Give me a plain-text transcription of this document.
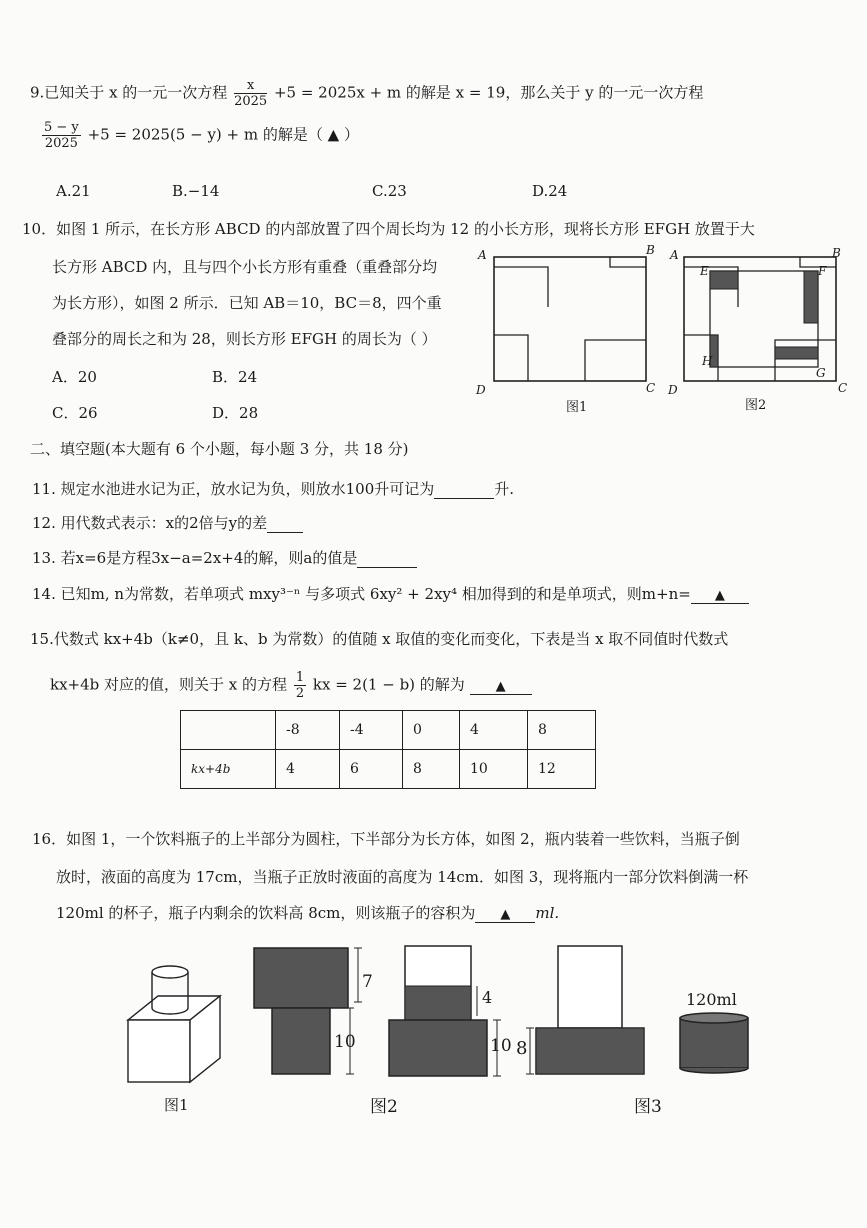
9.已知关于 x 的一元一次方程 $\frac{x}{2025} +5 = 2025x + m$ 的解是 x = 19，那么关于 y 的一元一次方程
$\frac{5 - y}{2025} +5 = 2025(5 - y) + m$ 的解是（ ▲ ）
A.21	B.−14	C.23	D.24
10．如图 1 所示，在长方形 ABCD 的内部放置了四个周长均为 12 的小长方形，现将长方形 EFGH 放置于大
长方形 ABCD 内，且与四个小长方形有重叠（重叠部分均
为长方形），如图 2 所示．已知 AB＝10，BC＝8，四个重
叠部分的周长之和为 28，则长方形 EFGH 的周长为（ ）
A．20	B．24
C．26	D．28
A	B
D	C
图1
A	B
E	F
H
G
D	C
图2
二、填空题(本大题有 6 个小题，每小题 3 分，共 18 分)
11. 规定水池进水记为正，放水记为负，则放水100升可记为	升.
12. 用代数式表示：x的2倍与y的差
13. 若x=6是方程3x−a=2x+4的解，则a的值是
14. 已知m, n为常数，若单项式 mxy³⁻ⁿ 与多项式 6xy² + 2xy⁴ 相加得到的和是单项式，则m+n= ▲
15.代数式 kx+4b（k≠0，且 k、b 为常数）的值随 x 取值的变化而变化，下表是当 x 取不同值时代数式
kx+4b 对应的值，则关于 x 的方程 $\frac{1}{2}$ kx = 2(1 − b) 的解为 ▲
	-8	-4	0	4	8
kx+4b	4	6	8	10	12
16．如图 1，一个饮料瓶子的上半部分为圆柱，下半部分为长方体，如图 2，瓶内装着一些饮料，当瓶子倒
放时，液面的高度为 17cm，当瓶子正放时液面的高度为 14cm．如图 3，现将瓶内一部分饮料倒满一杯
120ml 的杯子，瓶子内剩余的饮料高 8cm，则该瓶子的容积为 ▲ ml.
图1
7
10
4
10
图2
8
图3
120ml
